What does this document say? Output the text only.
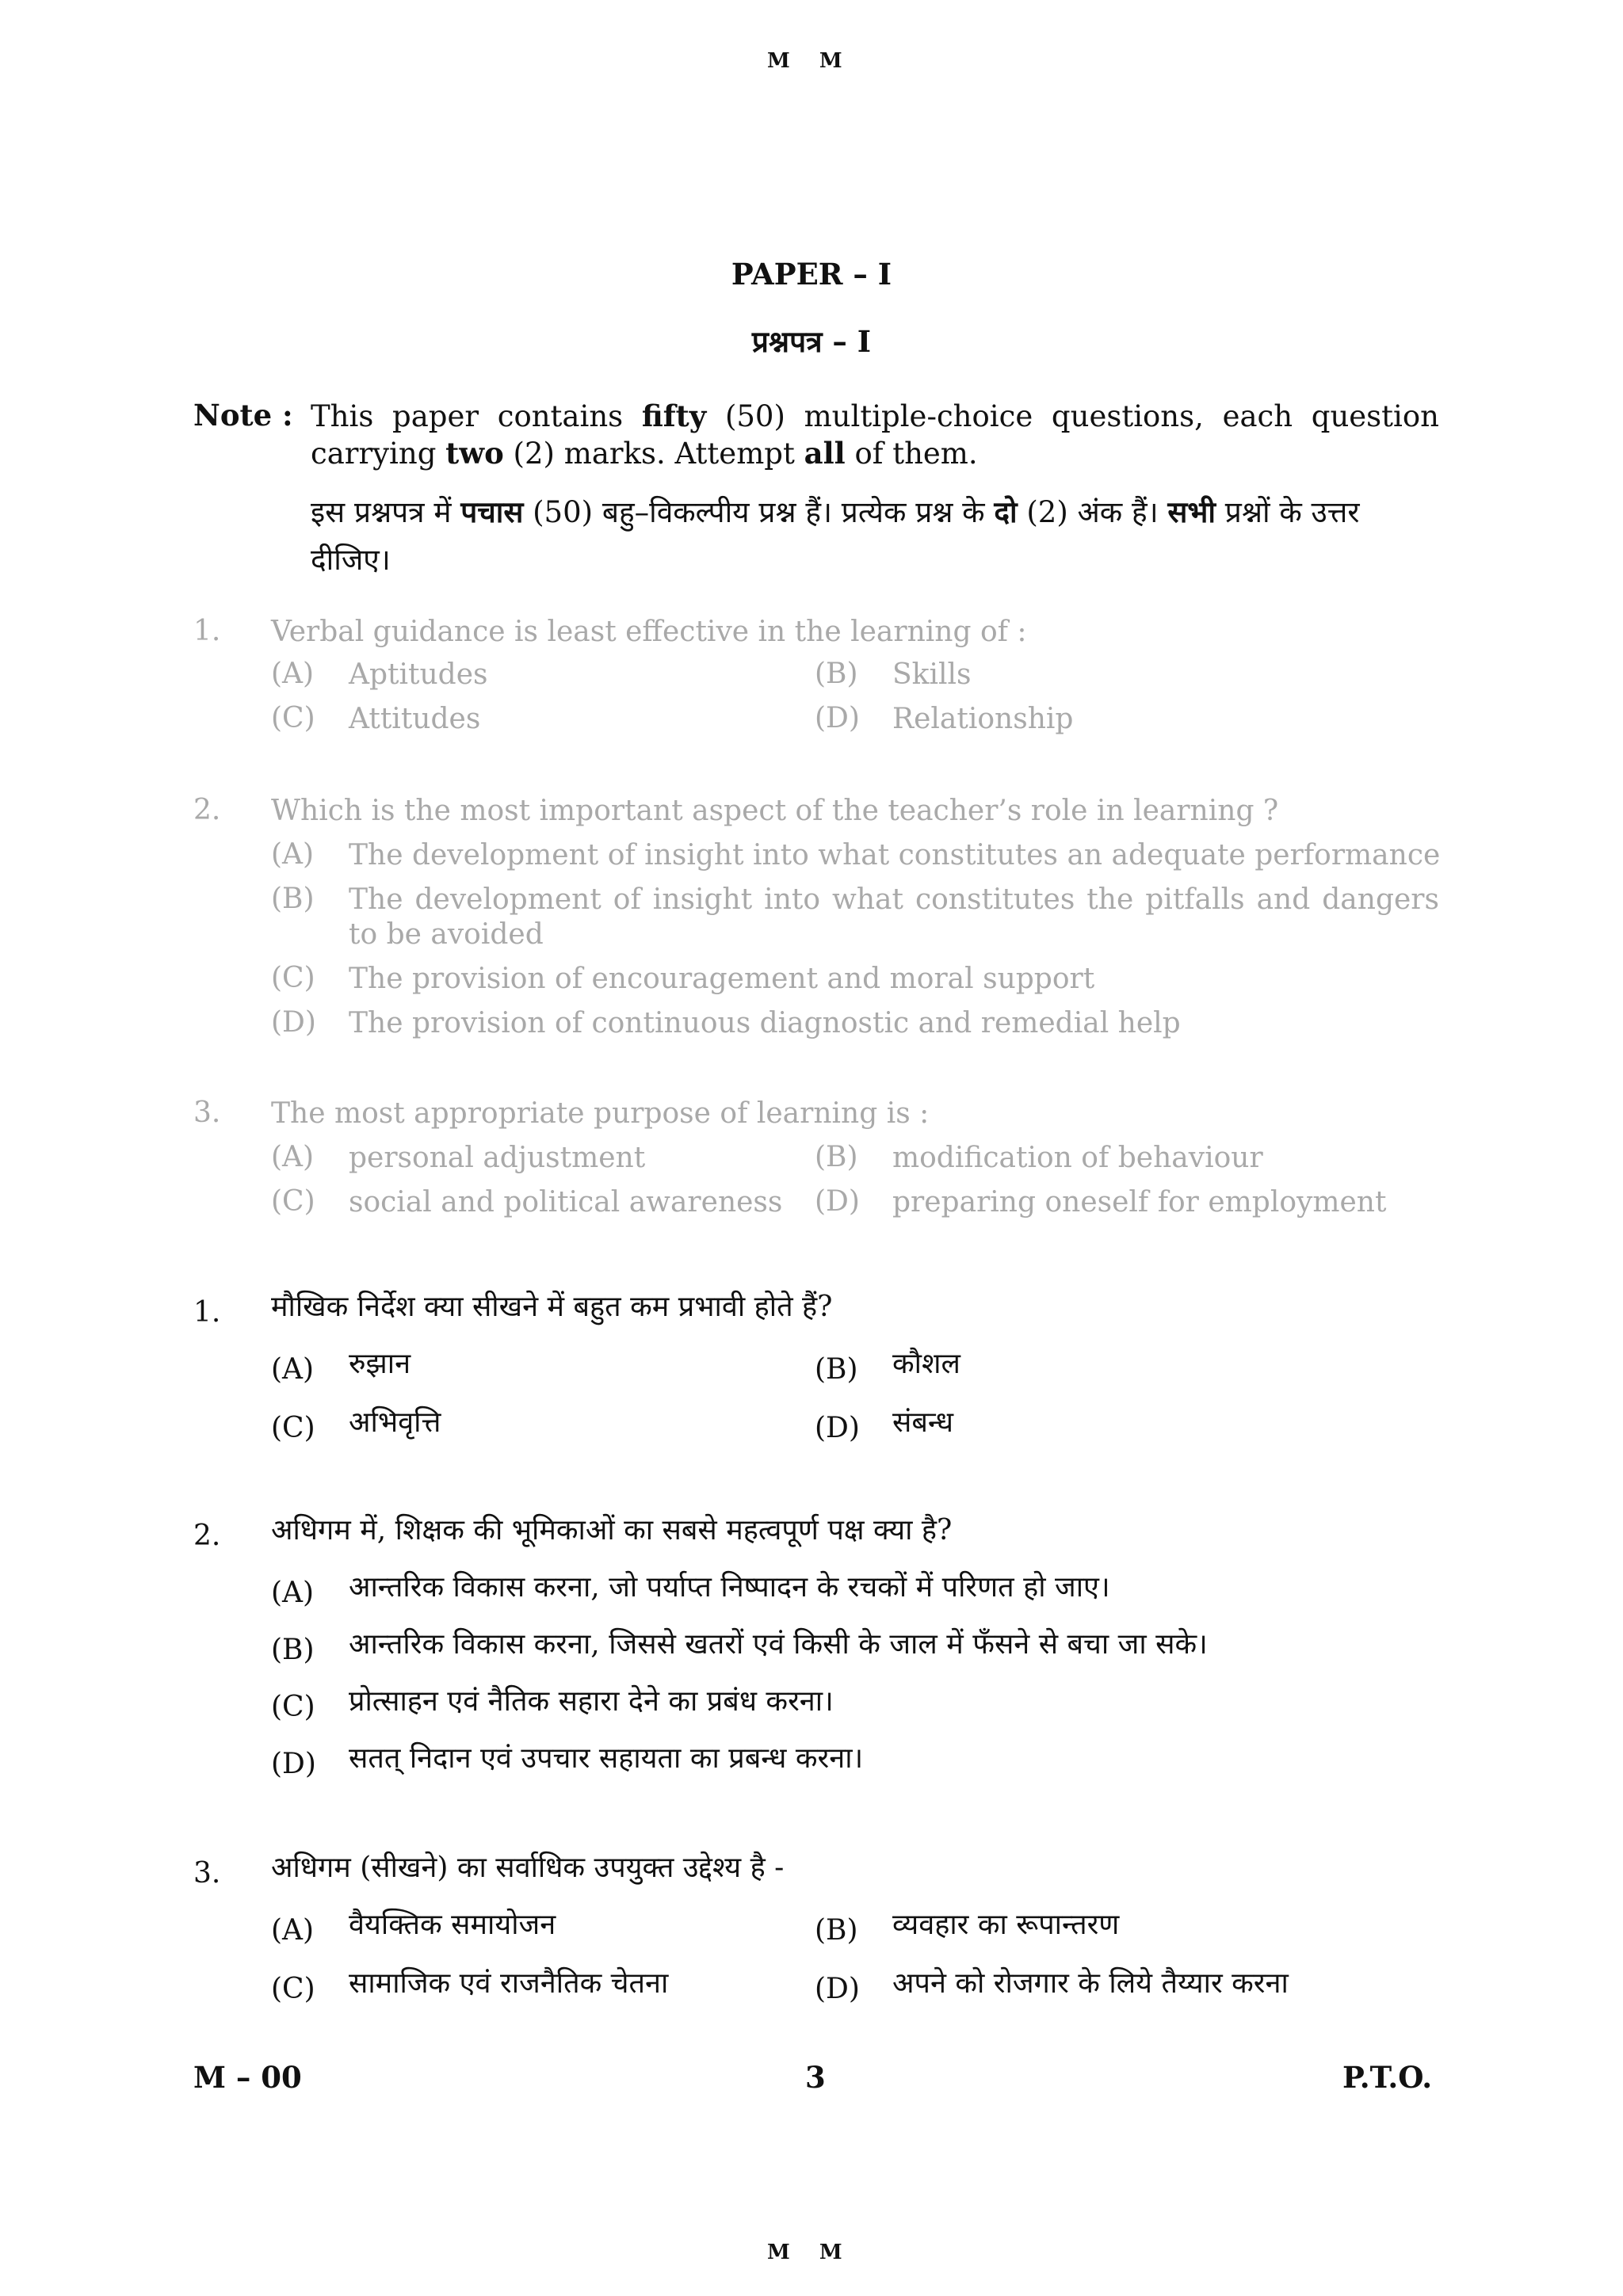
M M
PAPER – I
प्रश्नपत्र – I
Note : This paper contains fifty (50) multiple-choice questions, each question carrying two (2) marks. Attempt all of them.
इस प्रश्नपत्र में पचास (50) बहु–विकल्पीय प्रश्न हैं। प्रत्येक प्रश्न के दो (2) अंक हैं। सभी प्रश्नों के उत्तर दीजिए।
1. Verbal guidance is least effective in the learning of :
(A) Aptitudes	(B) Skills
(C) Attitudes	(D) Relationship
2. Which is the most important aspect of the teacher’s role in learning ?
(A) The development of insight into what constitutes an adequate performance
(B) The development of insight into what constitutes the pitfalls and dangers to be avoided
(C) The provision of encouragement and moral support
(D) The provision of continuous diagnostic and remedial help
3. The most appropriate purpose of learning is :
(A) personal adjustment	(B) modification of behaviour
(C) social and political awareness (D) preparing oneself for employment
1. मौखिक निर्देश क्या सीखने में बहुत कम प्रभावी होते हैं?
(A) रुझान	(B) कौशल
(C) अभिवृत्ति	(D) संबन्ध
2. अधिगम में, शिक्षक की भूमिकाओं का सबसे महत्वपूर्ण पक्ष क्या है?
(A) आन्तरिक विकास करना, जो पर्याप्त निष्पादन के रचकों में परिणत हो जाए।
(B) आन्तरिक विकास करना, जिससे खतरों एवं किसी के जाल में फँसने से बचा जा सके।
(C) प्रोत्साहन एवं नैतिक सहारा देने का प्रबंध करना।
(D) सतत् निदान एवं उपचार सहायता का प्रबन्ध करना।
3. अधिगम (सीखने) का सर्वाधिक उपयुक्त उद्देश्य है -
(A) वैयक्तिक समायोजन	(B) व्यवहार का रूपान्तरण
(C) सामाजिक एवं राजनैतिक चेतना	(D) अपने को रोजगार के लिये तैय्यार करना
M – 00	3	P.T.O.
M M
